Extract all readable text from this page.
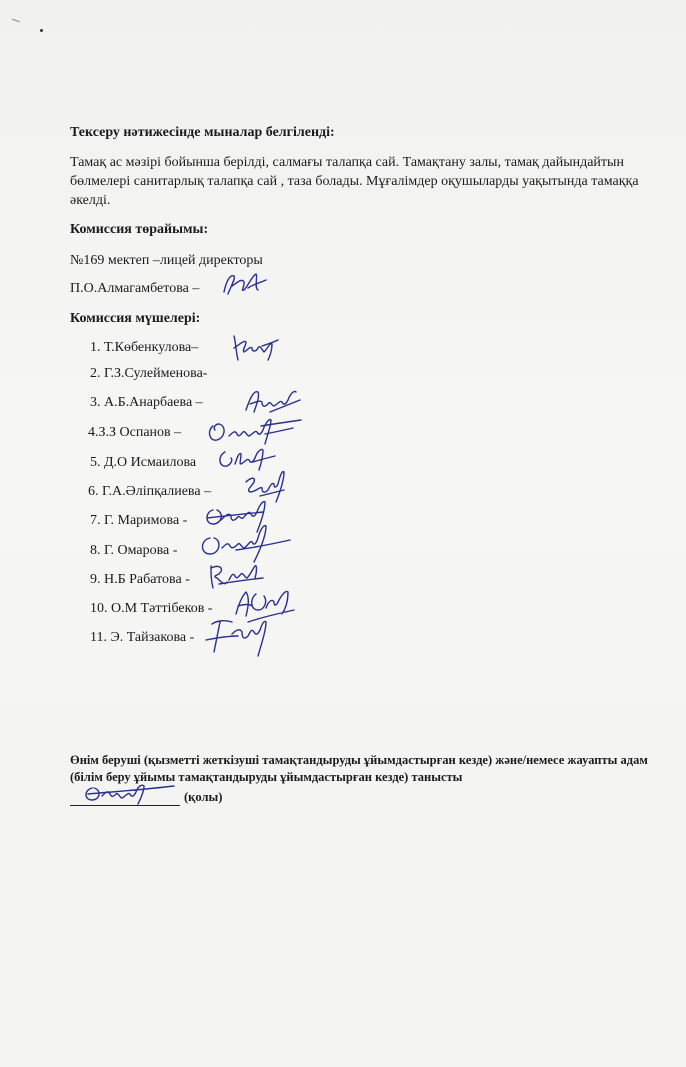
Тексеру нәтижесінде мыналар белгіленді:
Тамақ ас мәзірі бойынша берілді, салмағы талапқа сай. Тамақтану залы, тамақ дайындайтын бөлмелері санитарлық талапқа сай , таза болады. Мұғалімдер оқушыларды уақытында тамаққа әкелді.
Комиссия төрайымы:
№169 мектеп –лицей директоры
П.О.Алмагамбетова –
Комиссия мүшелері:
1. Т.Көбенкулова–
2. Г.З.Сулейменова-
3. А.Б.Анарбаева –
4.З.З Оспанов –
5. Д.О Исмаилова
6. Г.А.Әліпқалиева –
7. Г. Маримова -
8. Г. Омарова -
9. Н.Б Рабатова -
10. О.М Тәттібеков -
11. Э. Тайзакова -
Өнім беруші (қызметті жеткізуші тамақтандыруды ұйымдастырған кезде) және/немесе жауапты адам (білім беру ұйымы тамақтандыруды ұйымдастырған кезде) танысты
(қолы)
